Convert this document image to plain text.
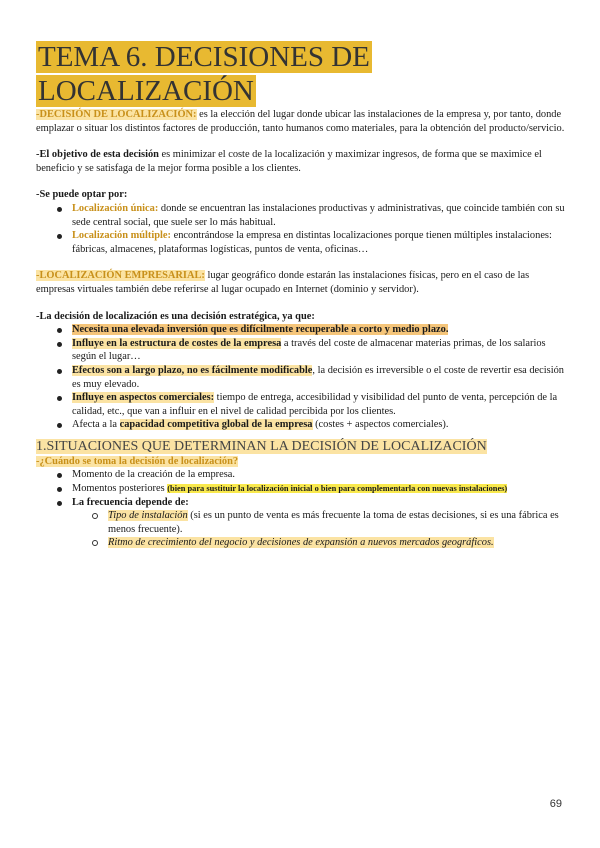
TEMA 6. DECISIONES DE
LOCALIZACIÓN

-DECISIÓN DE LOCALIZACIÓN: es la elección del lugar donde ubicar las instalaciones de la empresa y, por tanto, donde emplazar o situar los distintos factores de producción, tanto humanos como materiales, para la obtención del producto/servicio.

-El objetivo de esta decisión es minimizar el coste de la localización y maximizar ingresos, de forma que se maximice el beneficio y se satisfaga de la mejor forma posible a los clientes.

-Se puede optar por:

Localización única: donde se encuentran las instalaciones productivas y administrativas, que coincide también con su sede central social, que suele ser lo más habitual.
Localización múltiple: encontrándose la empresa en distintas localizaciones porque tienen múltiples instalaciones: fábricas, almacenes, plataformas logísticas, puntos de venta, oficinas…

-LOCALIZACIÓN EMPRESARIAL: lugar geográfico donde estarán las instalaciones físicas, pero en el caso de las empresas virtuales también debe referirse al lugar ocupado en Internet (dominio y servidor).

-La decisión de localización es una decisión estratégica, ya que:

Necesita una elevada inversión que es difícilmente recuperable a corto y medio plazo.
Influye en la estructura de costes de la empresa a través del coste de almacenar materias primas, de los salarios según el lugar…
Efectos son a largo plazo, no es fácilmente modificable, la decisión es irreversible o el coste de revertir esa decisión es muy elevado.
Influye en aspectos comerciales: tiempo de entrega, accesibilidad y visibilidad del punto de venta, percepción de la calidad, etc., que van a influir en el nivel de calidad percibida por los clientes.
Afecta a la capacidad competitiva global de la empresa (costes + aspectos comerciales).

1.SITUACIONES QUE DETERMINAN LA DECISIÓN DE LOCALIZACIÓN

-¿Cuándo se toma la decisión de localización?

Momento de la creación de la empresa.
Momentos posteriores (bien para sustituir la localización inicial o bien para complementarla con nuevas instalaciones)
La frecuencia depende de:
Tipo de instalación (si es un punto de venta es más frecuente la toma de estas decisiones, si es una fábrica es menos frecuente).
Ritmo de crecimiento del negocio y decisiones de expansión a nuevos mercados geográficos.
69
